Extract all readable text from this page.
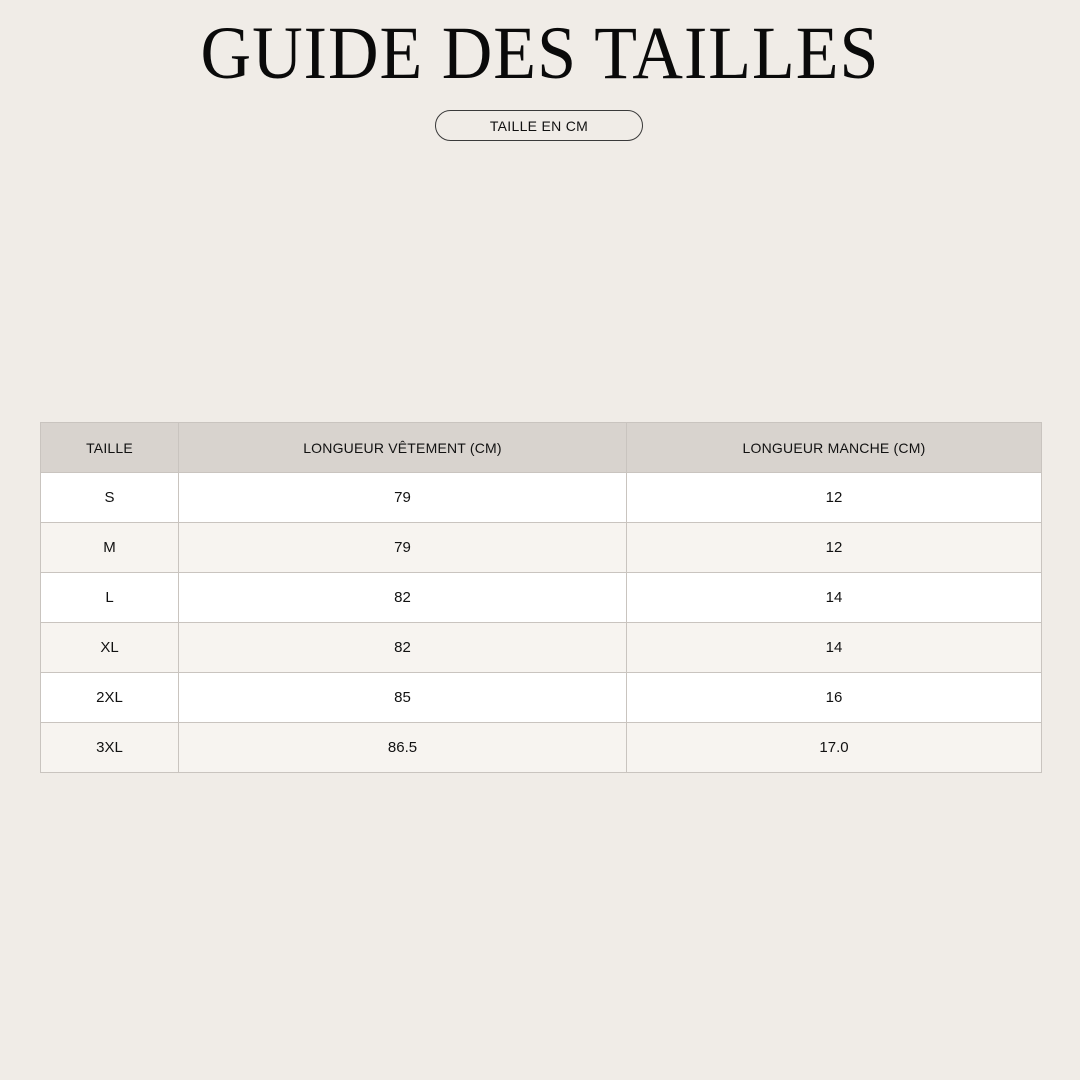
GUIDE DES TAILLES
TAILLE EN CM
TAILLE	LONGUEUR VÊTEMENT (CM)	LONGUEUR MANCHE (CM)
S	79	12
M	79	12
L	82	14
XL	82	14
2XL	85	16
3XL	86.5	17.0
